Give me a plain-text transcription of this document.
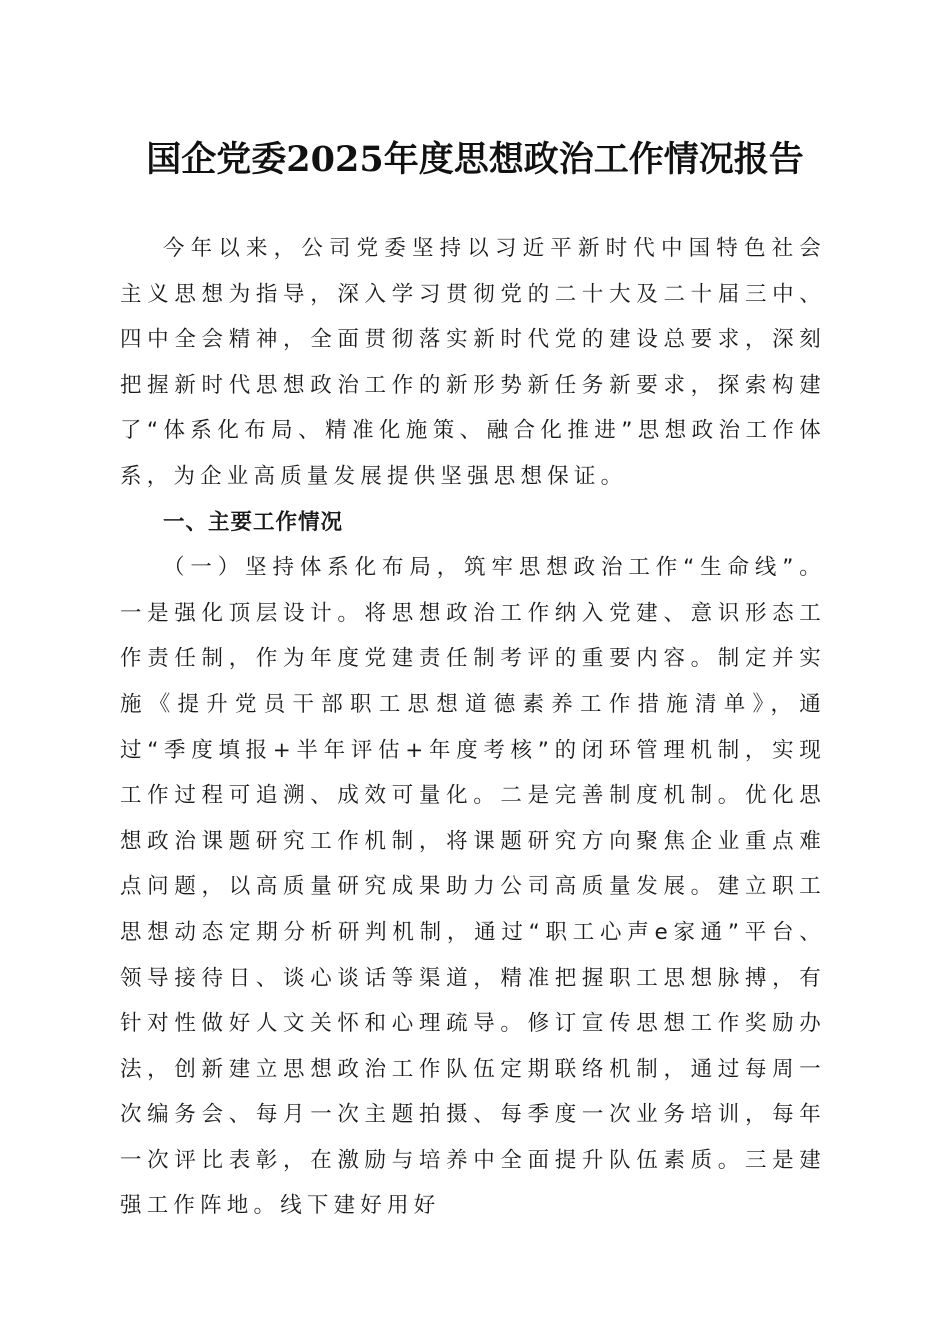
国企党委2025年度思想政治工作情况报告

今年以来，公司党委坚持以习近平新时代中国特色社会主义思想为指导，深入学习贯彻党的二十大及二十届三中、四中全会精神，全面贯彻落实新时代党的建设总要求，深刻把握新时代思想政治工作的新形势新任务新要求，探索构建了“体系化布局、精准化施策、融合化推进”思想政治工作体系，为企业高质量发展提供坚强思想保证。

一、主要工作情况

（一）坚持体系化布局，筑牢思想政治工作“生命线”。一是强化顶层设计。将思想政治工作纳入党建、意识形态工作责任制，作为年度党建责任制考评的重要内容。制定并实施《提升党员干部职工思想道德素养工作措施清单》，通过“季度填报+半年评估+年度考核”的闭环管理机制，实现工作过程可追溯、成效可量化。二是完善制度机制。优化思想政治课题研究工作机制，将课题研究方向聚焦企业重点难点问题，以高质量研究成果助力公司高质量发展。建立职工思想动态定期分析研判机制，通过“职工心声e家通”平台、领导接待日、谈心谈话等渠道，精准把握职工思想脉搏，有针对性做好人文关怀和心理疏导。修订宣传思想工作奖励办法，创新建立思想政治工作队伍定期联络机制，通过每周一次编务会、每月一次主题拍摄、每季度一次业务培训，每年一次评比表彰，在激励与培养中全面提升队伍素质。三是建强工作阵地。线下建好用好
